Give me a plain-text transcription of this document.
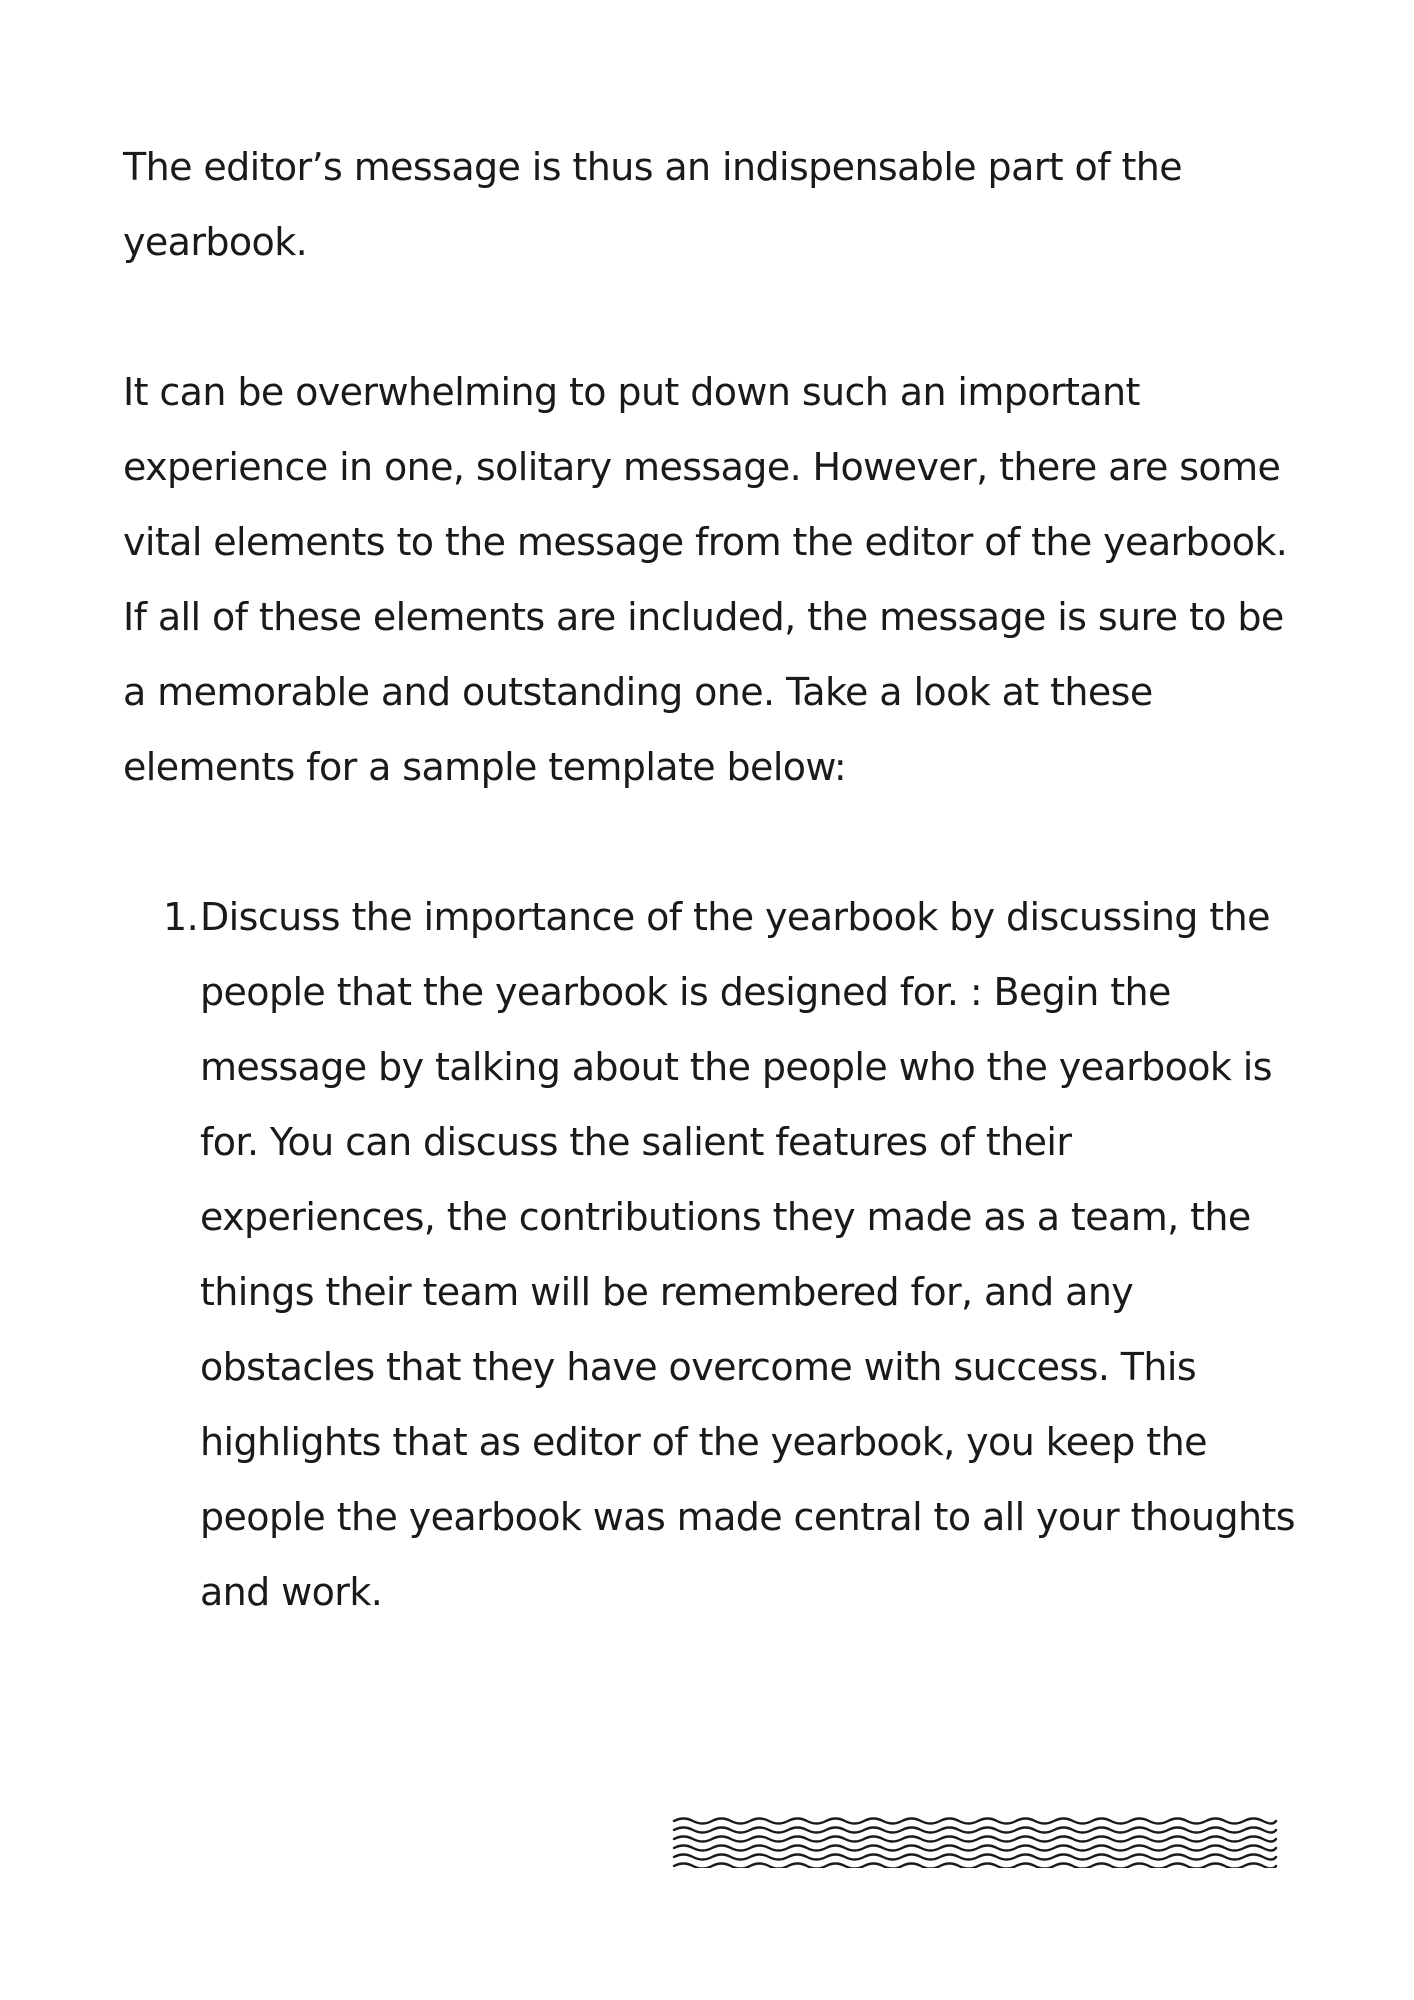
The editor’s message is thus an indispensable part of the yearbook.

It can be overwhelming to put down such an important experience in one, solitary message. However, there are some vital elements to the message from the editor of the yearbook. If all of these elements are included, the message is sure to be a memorable and outstanding one. Take a look at these elements for a sample template below:

1. Discuss the importance of the yearbook by discussing the people that the yearbook is designed for. : Begin the message by talking about the people who the yearbook is for. You can discuss the salient features of their experiences, the contributions they made as a team, the things their team will be remembered for, and any obstacles that they have overcome with success. This highlights that as editor of the yearbook, you keep the people the yearbook was made central to all your thoughts and work.
